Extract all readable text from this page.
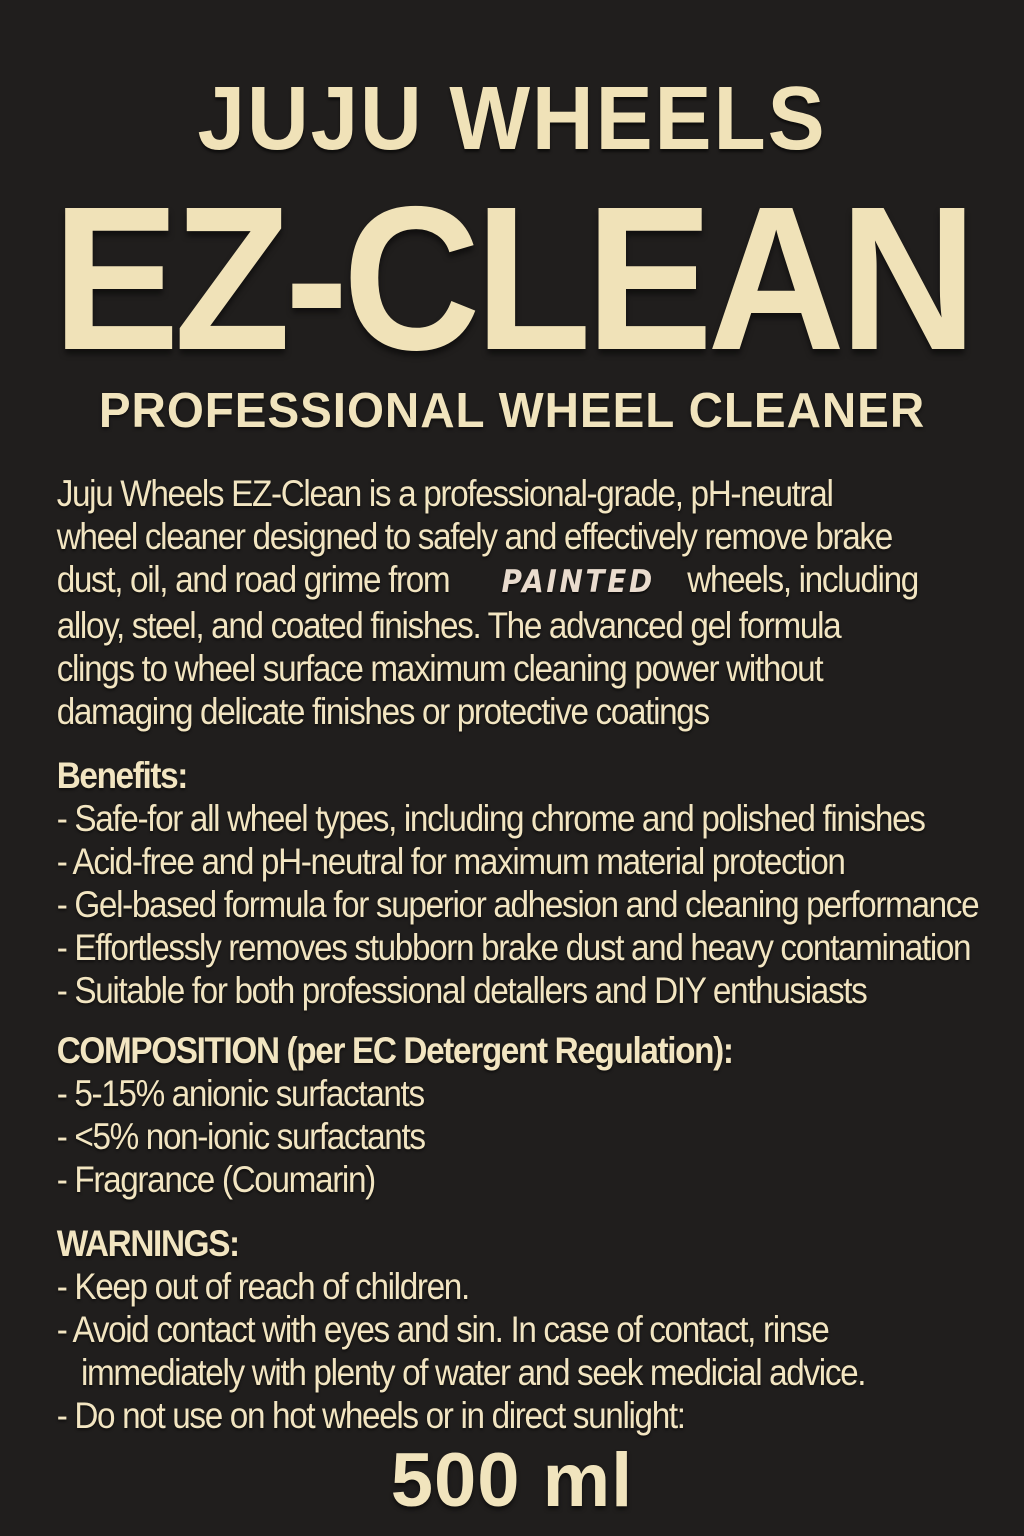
JUJU WHEELS
EZ-CLEAN
PROFESSIONAL WHEEL CLEANER
Juju Wheels EZ-Clean is a professional-grade, pH-neutral
wheel cleaner designed to safely and effectively remove brake
dust, oil, and road grime from PAINTED wheels, including
alloy, steel, and coated finishes. The advanced gel formula
clings to wheel surface maximum cleaning power without
damaging delicate finishes or protective coatings
Benefits:
- Safe-for all wheel types, including chrome and polished finishes
- Acid-free and pH-neutral for maximum material protection
- Gel-based formula for superior adhesion and cleaning performance
- Effortlessly removes stubborn brake dust and heavy contamination
- Suitable for both professional detallers and DIY enthusiasts
COMPOSITION (per EC Detergent Regulation):
- 5-15% anionic surfactants
- <5% non-ionic surfactants
- Fragrance (Coumarin)
WARNINGS:
- Keep out of reach of children.
- Avoid contact with eyes and sin. In case of contact, rinse
immediately with plenty of water and seek medicial advice.
- Do not use on hot wheels or in direct sunlight:
500 ml
